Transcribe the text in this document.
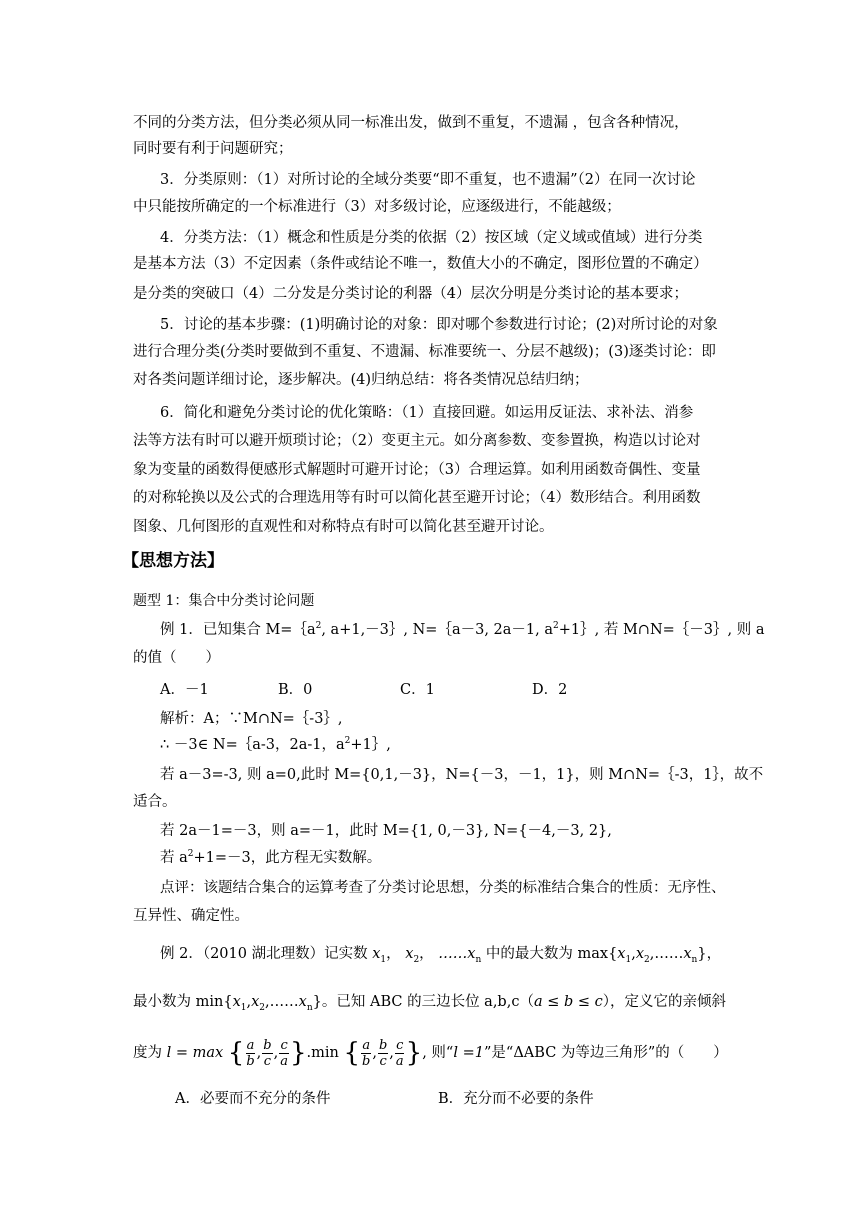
不同的分类方法，但分类必须从同一标准出发，做到不重复，不遗漏 ，包含各种情况，
同时要有利于问题研究；
3．分类原则：（1）对所讨论的全域分类要“即不重复，也不遗漏”（2）在同一次讨论
中只能按所确定的一个标准进行（3）对多级讨论，应逐级进行，不能越级；
4．分类方法：（1）概念和性质是分类的依据（2）按区域（定义域或值域）进行分类
是基本方法（3）不定因素（条件或结论不唯一，数值大小的不确定，图形位置的不确定）
是分类的突破口（4）二分发是分类讨论的利器（4）层次分明是分类讨论的基本要求；
5．讨论的基本步骤：(1)明确讨论的对象：即对哪个参数进行讨论；(2)对所讨论的对象
进行合理分类(分类时要做到不重复、不遗漏、标准要统一、分层不越级)；(3)逐类讨论：即
对各类问题详细讨论，逐步解决。(4)归纳总结：将各类情况总结归纳；
6．简化和避免分类讨论的优化策略：（1）直接回避。如运用反证法、求补法、消参
法等方法有时可以避开烦琐讨论；（2）变更主元。如分离参数、变参置换，构造以讨论对
象为变量的函数得便感形式解题时可避开讨论；（3）合理运算。如利用函数奇偶性、变量
的对称轮换以及公式的合理选用等有时可以简化甚至避开讨论；（4）数形结合。利用函数
图象、几何图形的直观性和对称特点有时可以简化甚至避开讨论。
【思想方法】
题型 1：集合中分类讨论问题
例 1．已知集合 $M=\{a^2$, a+1,－3｝, N=｛a－3, 2a－1, $a^2+1\}$, 若 M∩N=｛－3｝, 则 a
的值（　　）
A．－1	B．0	C．1	D．2
解析：A；∵M∩N=｛-3｝,
∴ －3∈ N=｛a-3，2a-1，$a^2+1\}$,
若 a－3=-3, 则 a=0,此时 M={0,1,－3}，N={－3，－1，1}，则 M∩N=｛-3，1｝，故不
适合。
若 2a－1=－3，则 a=－1，此时 M={1, 0,－3}, N={－4,－3, 2},
若 $a^2+1=-3$，此方程无实数解。
点评：该题结合集合的运算考查了分类讨论思想，分类的标准结合集合的性质：无序性、
互异性、确定性。
例 2．（2010 湖北理数）记实数 $x_1$， $x_2$， $\dots\dots x_n$ 中的最大数为 $\max\{x_1,x_2,\dots\dots x_n\}$，
最小数为 $\min\{x_1,x_2,\dots\dots x_n\}$。已知 ABC 的三边长位 a,b,c（a ≤ b ≤ c），定义它的亲倾斜
度为 l = max { $\frac{a}{b}$ , $\frac{b}{c}$ , $\frac{c}{a} \}.\min$ { $\frac{a}{b}$ , $\frac{b}{c}$ , $\frac{c}{a}$ }, 则“l =1”是“ΔABC 为等边三角形”的（　　）
A．必要而不充分的条件	B．充分而不必要的条件
